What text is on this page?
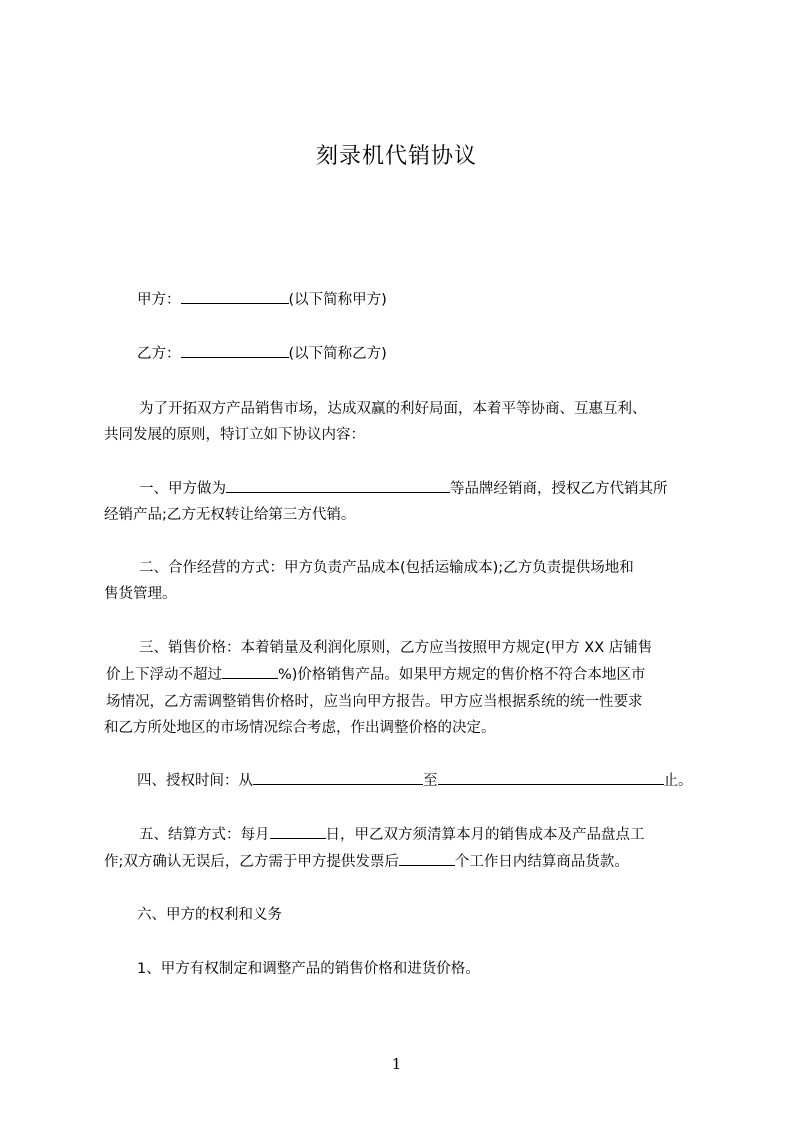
刻录机代销协议
甲方：	(以下简称甲方)
乙方：	(以下简称乙方)
为了开拓双方产品销售市场，达成双赢的利好局面，本着平等协商、互惠互利、
共同发展的原则，特订立如下协议内容：
一、甲方做为	等品牌经销商，授权乙方代销其所
经销产品;乙方无权转让给第三方代销。
二、合作经营的方式：甲方负责产品成本(包括运输成本);乙方负责提供场地和
售货管理。
三、销售价格：本着销量及利润化原则，乙方应当按照甲方规定(甲方 XX 店铺售
价上下浮动不超过	%)价格销售产品。如果甲方规定的售价格不符合本地区市
场情况，乙方需调整销售价格时，应当向甲方报告。甲方应当根据系统的统一性要求
和乙方所处地区的市场情况综合考虑，作出调整价格的决定。
四、授权时间：从	至	止。
五、结算方式：每月	日，甲乙双方须清算本月的销售成本及产品盘点工
作;双方确认无误后，乙方需于甲方提供发票后	个工作日内结算商品货款。
六、甲方的权利和义务
1、甲方有权制定和调整产品的销售价格和进货价格。
1
